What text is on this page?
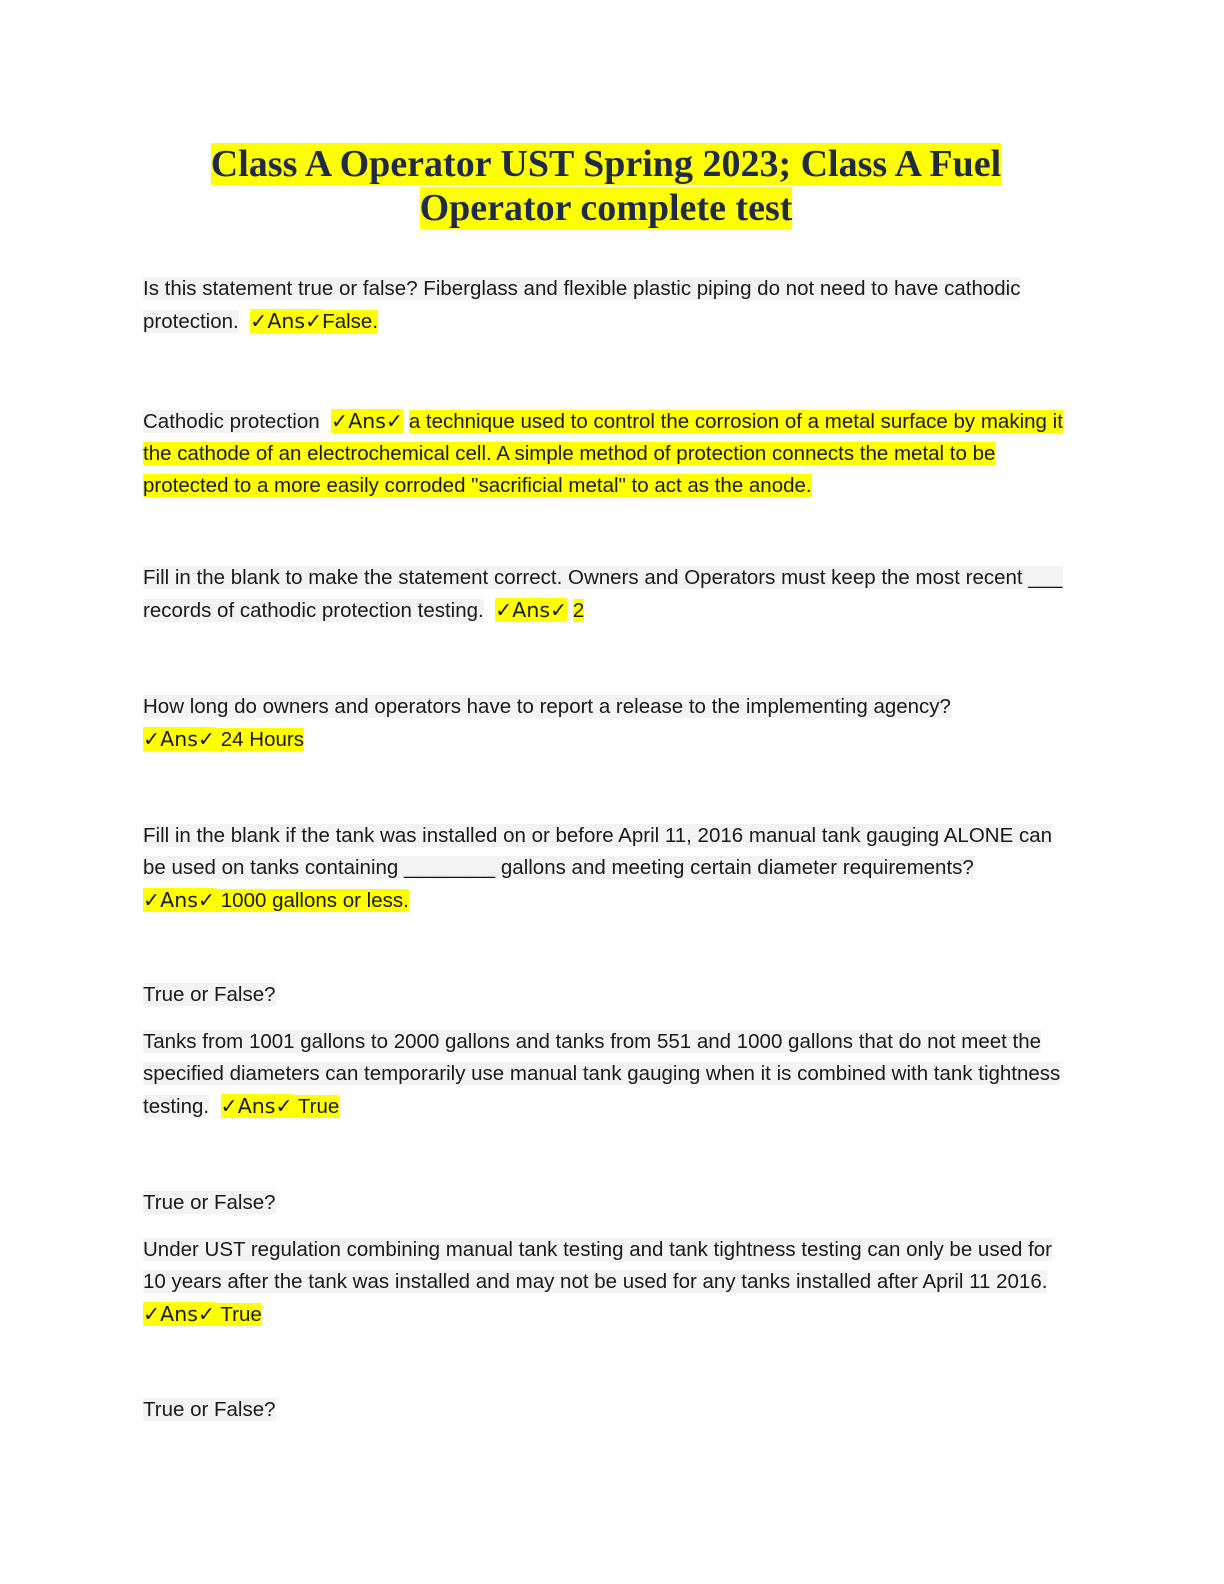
Class A Operator UST Spring 2023; Class A Fuel Operator complete test

Is this statement true or false? Fiberglass and flexible plastic piping do not need to have cathodic protection. ✓Ans✓False.

Cathodic protection ✓Ans✓ a technique used to control the corrosion of a metal surface by making it the cathode of an electrochemical cell. A simple method of protection connects the metal to be protected to a more easily corroded "sacrificial metal" to act as the anode.

Fill in the blank to make the statement correct. Owners and Operators must keep the most recent ___ records of cathodic protection testing. ✓Ans✓ 2

How long do owners and operators have to report a release to the implementing agency?
✓Ans✓ 24 Hours

Fill in the blank if the tank was installed on or before April 11, 2016 manual tank gauging ALONE can be used on tanks containing ________ gallons and meeting certain diameter requirements?
✓Ans✓ 1000 gallons or less.

True or False?

Tanks from 1001 gallons to 2000 gallons and tanks from 551 and 1000 gallons that do not meet the specified diameters can temporarily use manual tank gauging when it is combined with tank tightness testing. ✓Ans✓ True

True or False?

Under UST regulation combining manual tank testing and tank tightness testing can only be used for 10 years after the tank was installed and may not be used for any tanks installed after April 11 2016.  ✓Ans✓ True

True or False?
